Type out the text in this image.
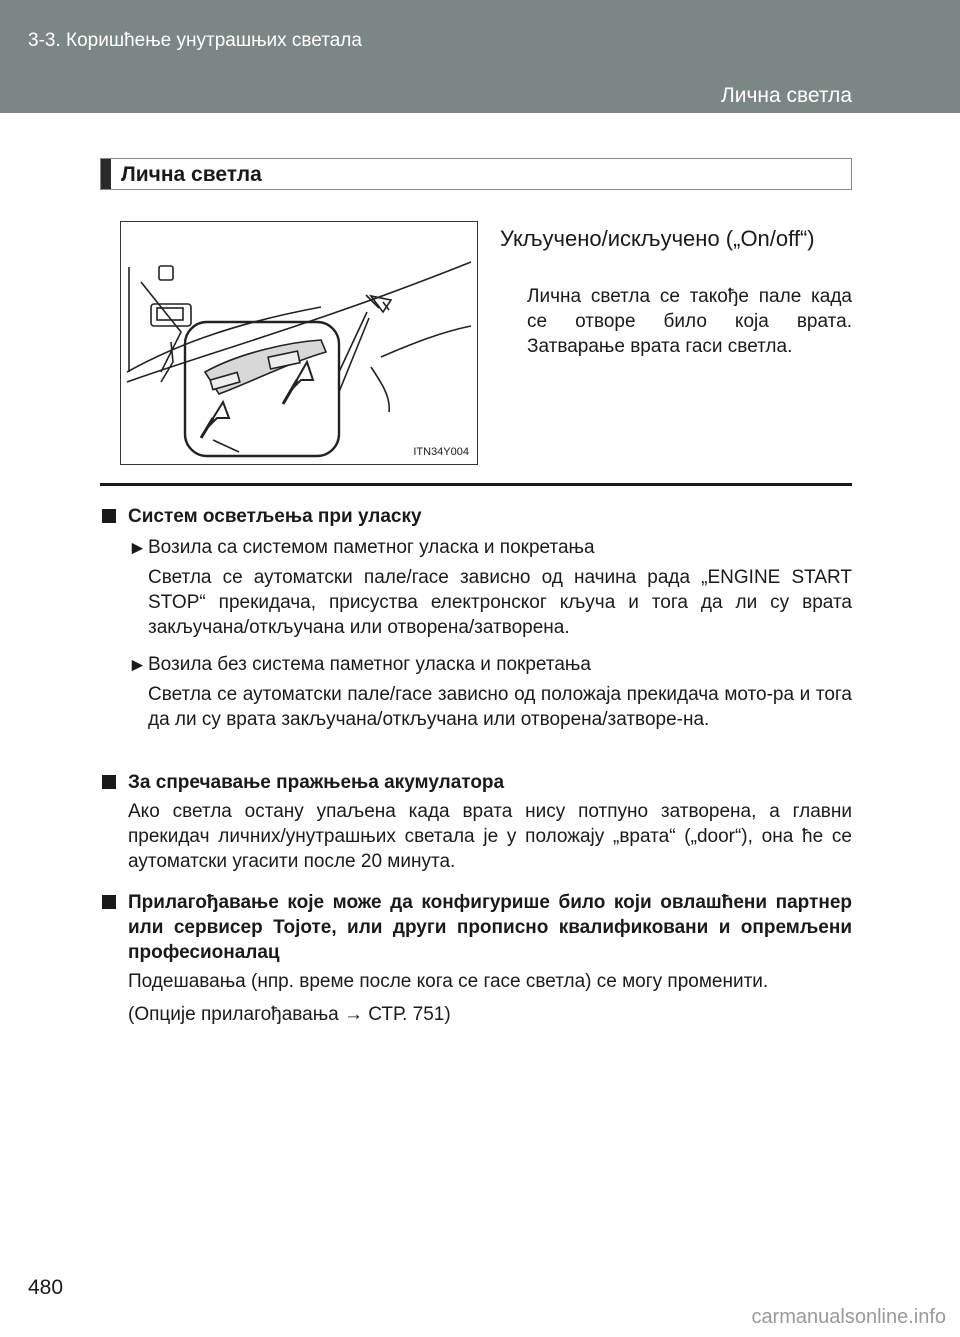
3-3. Коришћење унутрашњих светала
Лична светла
Лична светла
ITN34Y004
Укључено/искључено („On/off“)
Лична светла се такође пале када се отворе било која врата. Затварање врата гаси светла.
Систем осветљења при уласку
► Возила са системом паметног уласка и покретања
Светла се аутоматски пале/гасе зависно од начина рада „ENGINE START STOP“ прекидача, присуства електронског кључа и тога да ли су врата закључана/откључана или отворена/затворена.
► Возила без система паметног уласка и покретања
Светла се аутоматски пале/гасе зависно од положаја прекидача мото-ра и тога да ли су врата закључана/откључана или отворена/затворе-на.
За спречавање пражњења акумулатора
Ако светла остану упаљена када врата нису потпуно затворена, а главни прекидач личних/унутрашњих светала је у положају „врата“ („door“), она ће се аутоматски угасити после 20 минута.
Прилагођавање које може да конфигурише било који овлашћени партнер или сервисер Тојоте, или други прописно квалификовани и опремљени професионалац
Подешавања (нпр. време после кога се гасе светла) се могу променити.
(Опције прилагођавања → СТР. 751)
480
carmanualsonline.info
